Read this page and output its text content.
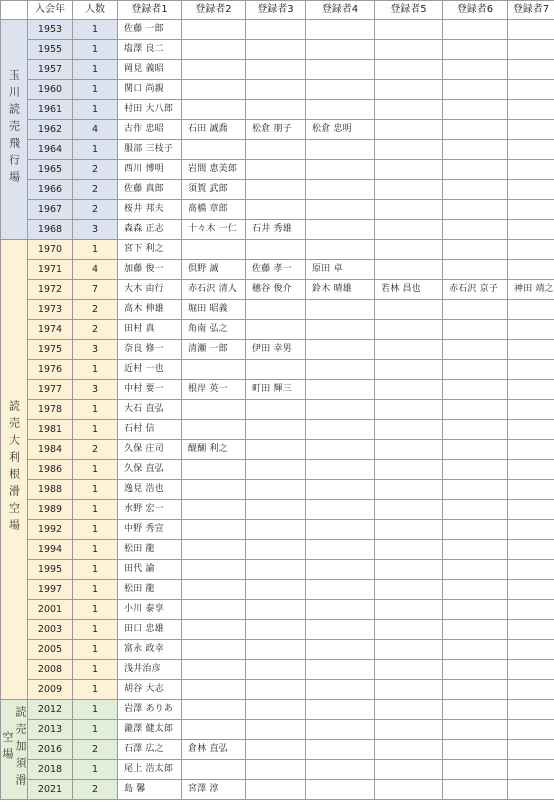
	入会年	人数	登録者1	登録者2	登録者3	登録者4	登録者5	登録者6	登録者7
玉川読売飛行場	1953	1	佐藤 一郎						
	1955	1	塩澤 良二						
	1957	1	岡見 義昭						
	1960	1	関口 尚親						
	1961	1	村田 大八郎						
	1962	4	古作 忠昭	石田 誠喬	松倉 朋子	松倉 忠明			
	1964	1	服部 三枝子						
	1965	2	西川 博明	岩間 恵美郎					
	1966	2	佐藤 真郎	須賀 武郎					
	1967	2	桜井 邦夫	髙橋 章郎					
	1968	3	森森 正志	十々木 一仁	石井 秀雄				
読売大利根滑空場	1970	1	宮下 利之						
	1971	4	加藤 俊一	倶野 誠	佐藤 孝一	原田 卓			
	1972	7	大木 由行	赤石沢 清人	穗谷 俊介	鈴木 晴雄	若林 昌也	赤石沢 京子	神田 靖之
	1973	2	高木 伸雄	堀田 昭義					
	1974	2	田村 真	角南 弘之					
	1975	3	奈良 修一	清瀬 一郎	伊田 幸男				
	1976	1	近村 一也						
	1977	3	中村 要一	根岸 英一	町田 輝三				
	1978	1	大石 直弘						
	1981	1	石村 信						
	1984	2	久保 庄司	醍醐 利之					
	1986	1	久保 直弘						
	1988	1	逸見 浩也						
	1989	1	水野 宏一						
	1992	1	中野 秀宣						
	1994	1	松田 龍						
	1995	1	田代 諭						
	1997	1	松田 龍						
	2001	1	小川 泰享						
	2003	1	田口 忠雄						
	2005	1	富永 政幸						
	2008	1	浅井治彦						
	2009	1	胡谷 大志						
読売加須滑空場	2012	1	岩澤 ありあ						
	2013	1	瀧澤 健太郎						
	2016	2	石澤 広之	倉林 直弘					
	2018	1	尾上 浩太郎						
	2021	2	島 馨	宮澤 淳					
